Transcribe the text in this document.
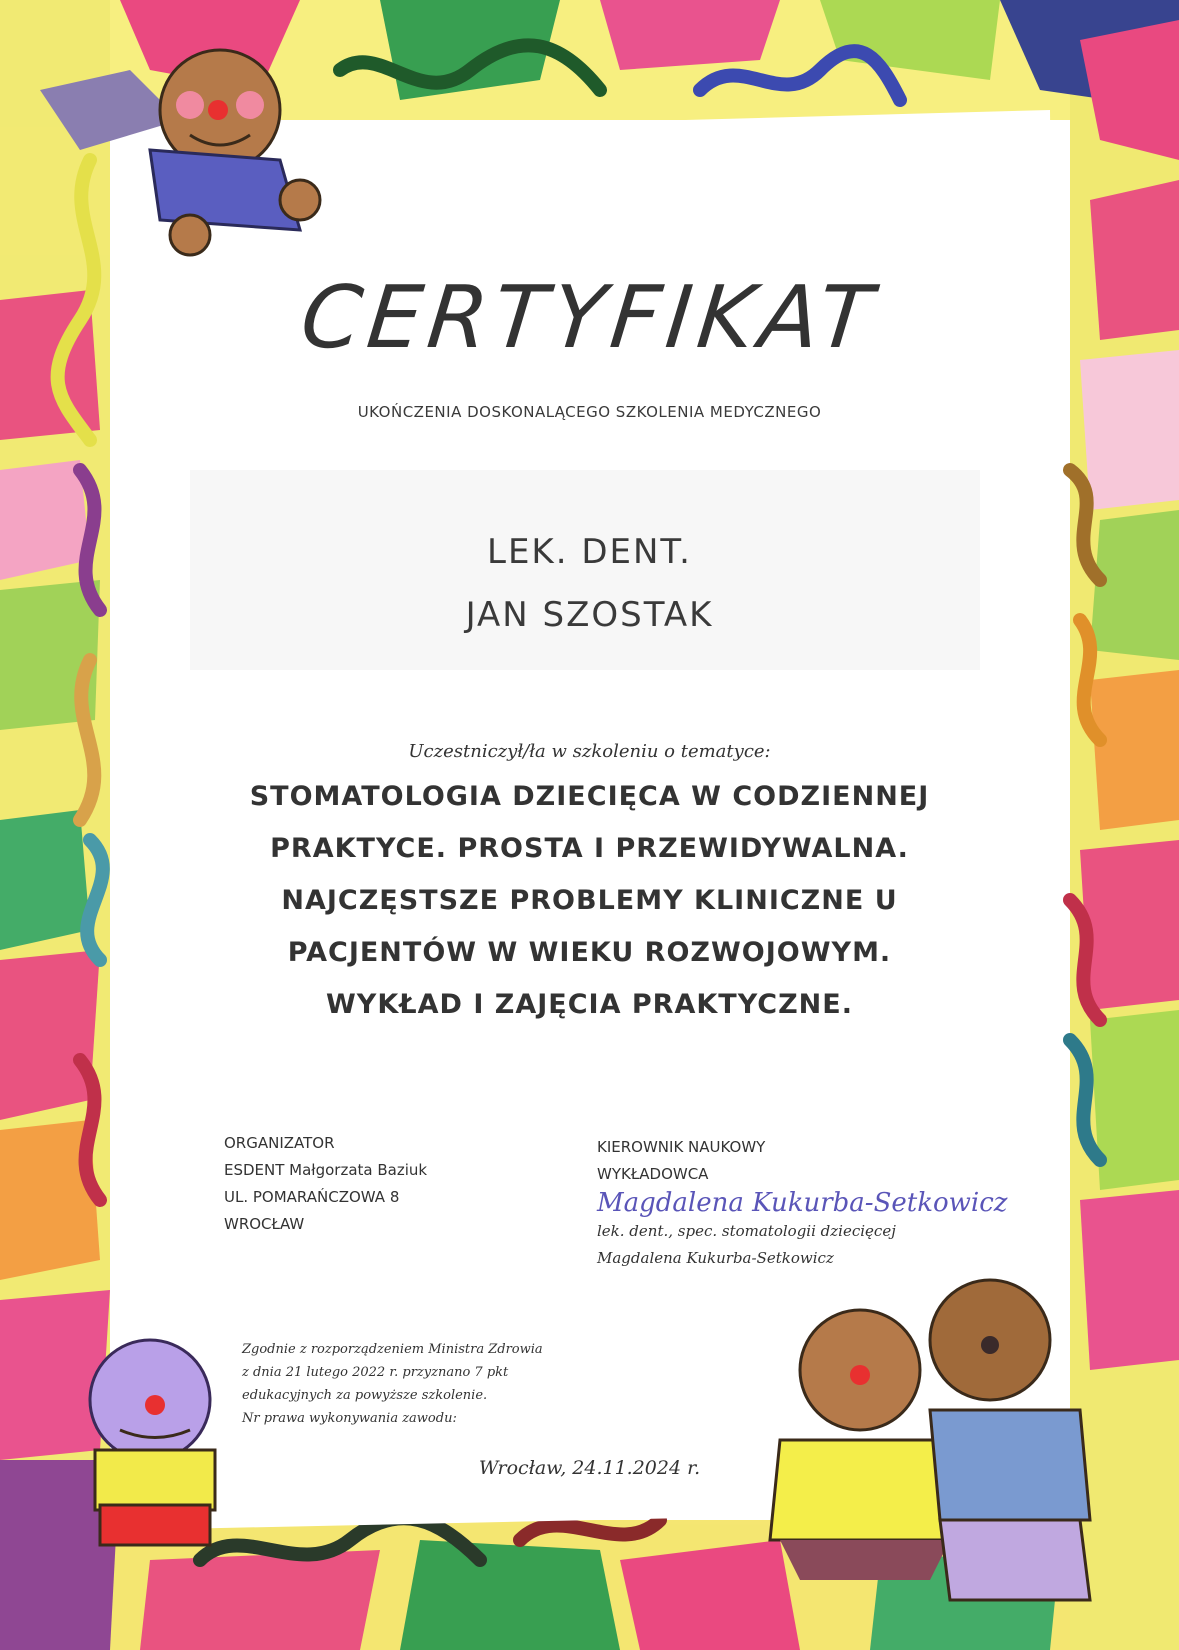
CERTYFIKAT
UKOŃCZENIA DOSKONALĄCEGO SZKOLENIA MEDYCZNEGO
LEK. DENT.
JAN SZOSTAK
Uczestniczył/ła w szkoleniu o tematyce:
STOMATOLOGIA DZIECIĘCA W CODZIENNEJ
PRAKTYCE. PROSTA I PRZEWIDYWALNA.
NAJCZĘSTSZE PROBLEMY KLINICZNE U
PACJENTÓW W WIEKU ROZWOJOWYM.
WYKŁAD I ZAJĘCIA PRAKTYCZNE.
ORGANIZATOR
ESDENT Małgorzata Baziuk
UL. POMARAŃCZOWA 8
WROCŁAW
KIEROWNIK NAUKOWY
WYKŁADOWCA
Magdalena Kukurba-Setkowicz
lek. dent., spec. stomatologii dziecięcej
Magdalena Kukurba-Setkowicz
Zgodnie z rozporządzeniem Ministra Zdrowia
z dnia 21 lutego 2022 r. przyznano 7 pkt
edukacyjnych za powyższe szkolenie.
Nr prawa wykonywania zawodu:
Wrocław, 24.11.2024 r.
